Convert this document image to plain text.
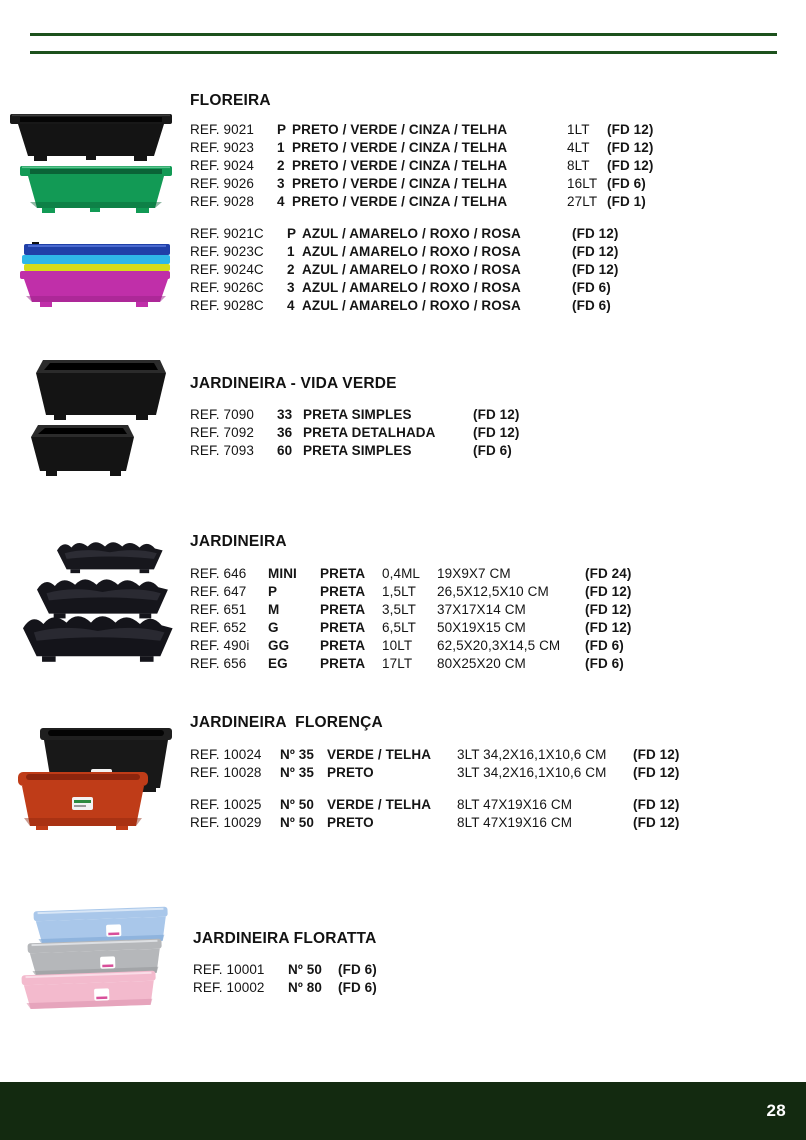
FLOREIRA
REF. 9021	P PRETO / VERDE / CINZA / TELHA	1LT	(FD 12)
REF. 9023	1 PRETO / VERDE / CINZA / TELHA	4LT	(FD 12)
REF. 9024	2 PRETO / VERDE / CINZA / TELHA	8LT	(FD 12)
REF. 9026	3 PRETO / VERDE / CINZA / TELHA	16LT (FD 6)
REF. 9028	4 PRETO / VERDE / CINZA / TELHA	27LT (FD 1)
REF. 9021C	P AZUL / AMARELO / ROXO / ROSA	(FD 12)
REF. 9023C	1 AZUL / AMARELO / ROXO / ROSA	(FD 12)
REF. 9024C	2 AZUL / AMARELO / ROXO / ROSA	(FD 12)
REF. 9026C	3 AZUL / AMARELO / ROXO / ROSA	(FD 6)
REF. 9028C	4 AZUL / AMARELO / ROXO / ROSA	(FD 6)
JARDINEIRA - VIDA VERDE
REF. 7090	33 PRETA SIMPLES	(FD 12)
REF. 7092	36 PRETA DETALHADA	(FD 12)
REF. 7093	60 PRETA SIMPLES	(FD 6)
JARDINEIRA
REF. 646	MINI	PRETA	0,4ML	19X9X7 CM	(FD 24)
REF. 647	P	PRETA	1,5LT	26,5X12,5X10 CM	(FD 12)
REF. 651	M	PRETA	3,5LT	37X17X14 CM	(FD 12)
REF. 652	G	PRETA	6,5LT	50X19X15 CM	(FD 12)
REF. 490i	GG	PRETA	10LT	62,5X20,3X14,5 CM	(FD 6)
REF. 656	EG	PRETA	17LT	80X25X20 CM	(FD 6)
JARDINEIRA  FLORENÇA
REF. 10024	Nº 35 VERDE / TELHA	3LT 34,2X16,1X10,6 CM	(FD 12)
REF. 10028	Nº 35 PRETO	3LT 34,2X16,1X10,6 CM	(FD 12)
REF. 10025	Nº 50 VERDE / TELHA	8LT 47X19X16 CM	(FD 12)
REF. 10029	Nº 50 PRETO	8LT 47X19X16 CM	(FD 12)
JARDINEIRA FLORATTA
REF. 10001	Nº 50	(FD 6)
REF. 10002	Nº 80	(FD 6)
28
